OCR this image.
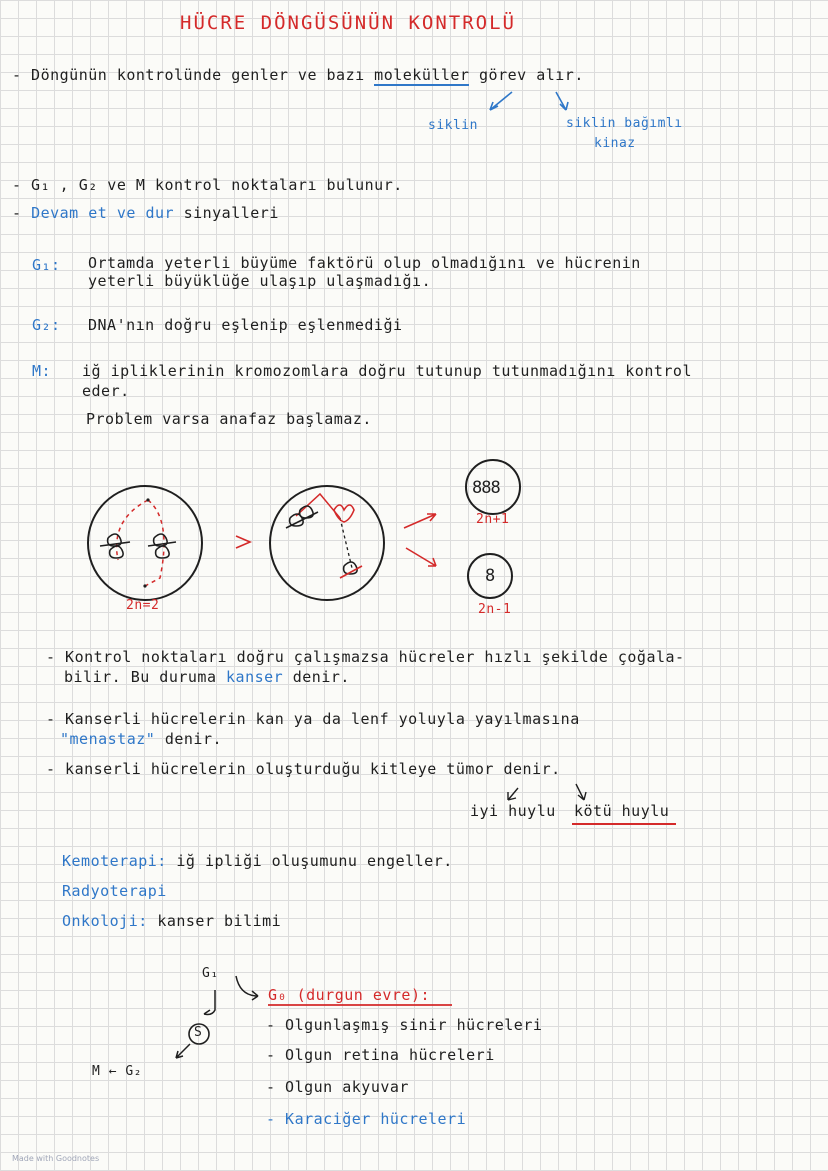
HÜCRE DÖNGÜSÜNÜN KONTROLÜ
- Döngünün kontrolünde genler ve bazı moleküller görev alır.
siklin	siklin bağımlı
kinaz
- G₁ , G₂ ve M kontrol noktaları bulunur.
- Devam et ve dur sinyalleri
G₁: Ortamda yeterli büyüme faktörü olup olmadığını ve hücrenin
yeterli büyüklüğe ulaşıp ulaşmadığı.
G₂: DNA'nın doğru eşlenip eşlenmediği
M: iğ ipliklerinin kromozomlara doğru tutunup tutunmadığını kontrol
eder.
Problem varsa anafaz başlamaz.
888
8
2n=2
2n+1
2n-1
- Kontrol noktaları doğru çalışmazsa hücreler hızlı şekilde çoğala-
bilir. Bu duruma kanser denir.
- Kanserli hücrelerin kan ya da lenf yoluyla yayılmasına
"menastaz" denir.
- kanserli hücrelerin oluşturduğu kitleye tümor denir.
iyi huylu kötü huylu
Kemoterapi: iğ ipliği oluşumunu engeller.
Radyoterapi
Onkoloji: kanser bilimi
G₁
S
M ← G₂
G₀ (durgun evre):
- Olgunlaşmış sinir hücreleri
- Olgun retina hücreleri
- Olgun akyuvar
- Karaciğer hücreleri
Made with Goodnotes
